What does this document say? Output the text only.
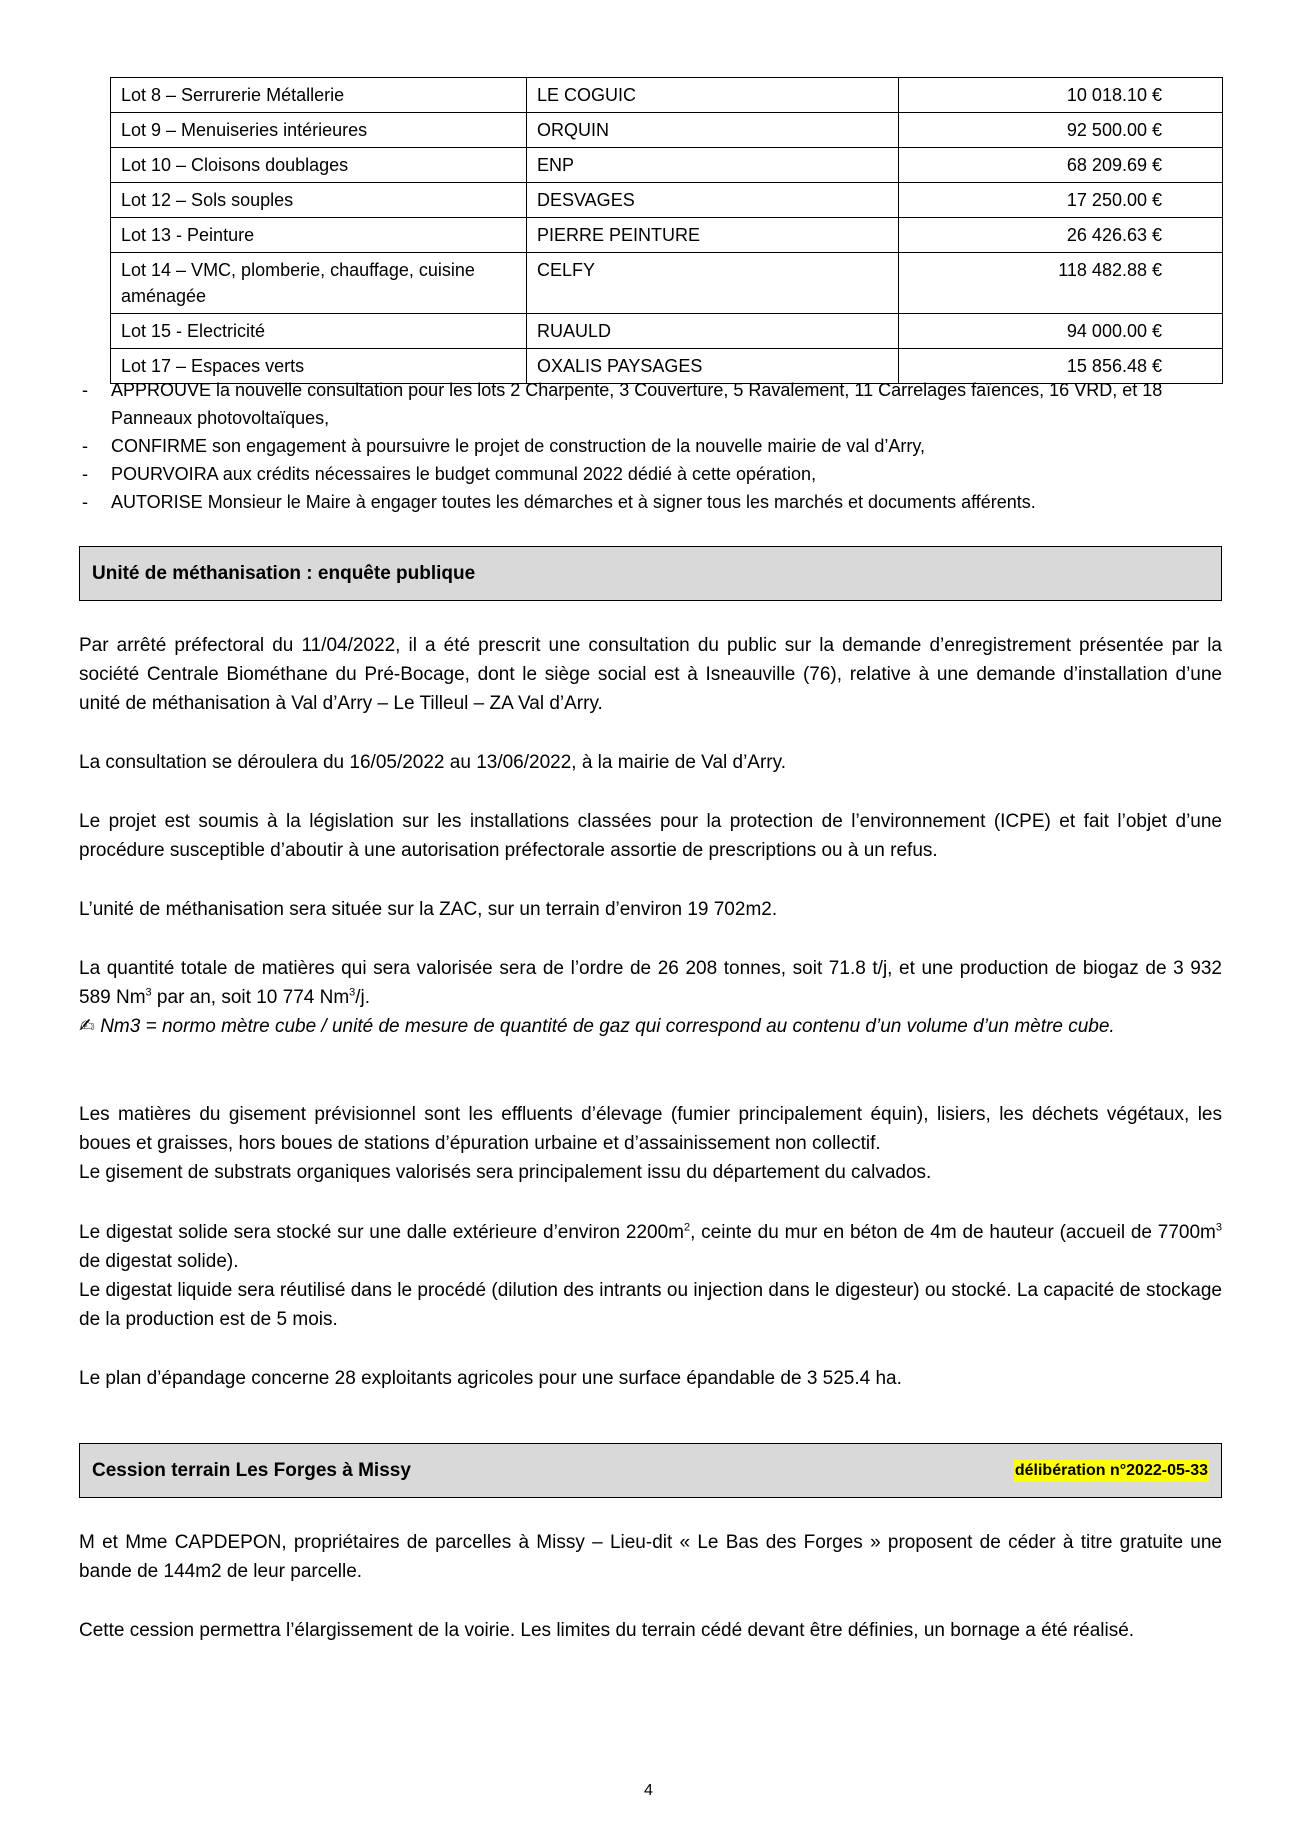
Lot 8 – Serrurerie Métallerie	LE COGUIC	10 018.10 €
Lot 9 – Menuiseries intérieures	ORQUIN	92 500.00 €
Lot 10 – Cloisons doublages	ENP	68 209.69 €
Lot 12 – Sols souples	DESVAGES	17 250.00 €
Lot 13 - Peinture	PIERRE PEINTURE	26 426.63 €
Lot 14 – VMC, plomberie, chauffage, cuisine aménagée	CELFY	118 482.88 €
Lot 15 - Electricité	RUAULD	94 000.00 €
Lot 17 – Espaces verts	OXALIS PAYSAGES	15 856.48 €
- APPROUVE la nouvelle consultation pour les lots 2 Charpente, 3 Couverture, 5 Ravalement, 11 Carrelages faïences, 16 VRD, et 18 Panneaux photovoltaïques,
- CONFIRME son engagement à poursuivre le projet de construction de la nouvelle mairie de val d’Arry,
- POURVOIRA aux crédits nécessaires le budget communal 2022 dédié à cette opération,
- AUTORISE Monsieur le Maire à engager toutes les démarches et à signer tous les marchés et documents afférents.
Unité de méthanisation : enquête publique

Par arrêté préfectoral du 11/04/2022, il a été prescrit une consultation du public sur la demande d’enregistrement présentée par la société Centrale Biométhane du Pré-Bocage, dont le siège social est à Isneauville (76), relative à une demande d’installation d’une unité de méthanisation à Val d’Arry – Le Tilleul – ZA Val d’Arry.

La consultation se déroulera du 16/05/2022 au 13/06/2022, à la mairie de Val d’Arry.

Le projet est soumis à la législation sur les installations classées pour la protection de l’environnement (ICPE) et fait l’objet d’une procédure susceptible d’aboutir à une autorisation préfectorale assortie de prescriptions ou à un refus.

L’unité de méthanisation sera située sur la ZAC, sur un terrain d’environ 19 702m2.

La quantité totale de matières qui sera valorisée sera de l’ordre de 26 208 tonnes, soit 71.8 t/j, et une production de biogaz de 3 932 589 Nm$^3$ par an, soit 10 774 Nm$^3$/j.
✍ Nm3 = normo mètre cube / unité de mesure de quantité de gaz qui correspond au contenu d’un volume d’un mètre cube.

Les matières du gisement prévisionnel sont les effluents d’élevage (fumier principalement équin), lisiers, les déchets végétaux, les boues et graisses, hors boues de stations d’épuration urbaine et d’assainissement non collectif.
Le gisement de substrats organiques valorisés sera principalement issu du département du calvados.

Le digestat solide sera stocké sur une dalle extérieure d’environ $2200m^2$, ceinte du mur en béton de 4m de hauteur (accueil de $7700m^3$ de digestat solide).
Le digestat liquide sera réutilisé dans le procédé (dilution des intrants ou injection dans le digesteur) ou stocké. La capacité de stockage de la production est de 5 mois.

Le plan d’épandage concerne 28 exploitants agricoles pour une surface épandable de 3 525.4 ha.

Cession terrain Les Forges à Missy	délibération n°2022-05-33

M et Mme CAPDEPON, propriétaires de parcelles à Missy – Lieu-dit « Le Bas des Forges » proposent de céder à titre gratuite une bande de 144m2 de leur parcelle.

Cette cession permettra l’élargissement de la voirie. Les limites du terrain cédé devant être définies, un bornage a été réalisé.

4
